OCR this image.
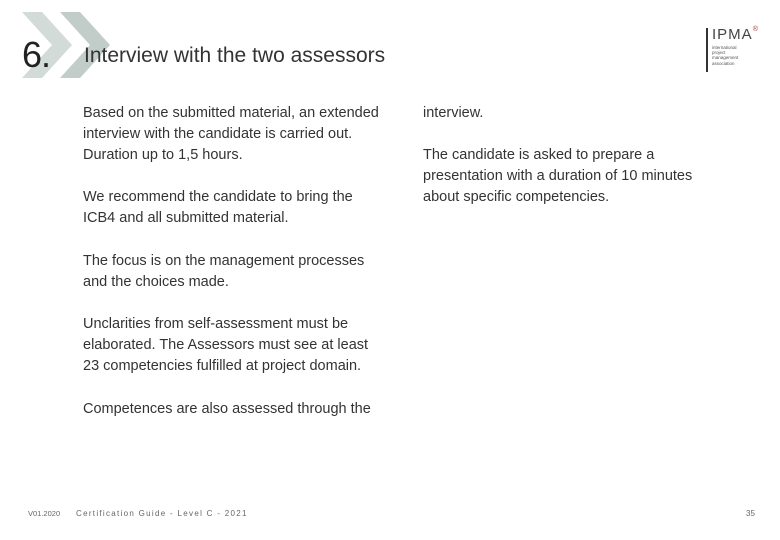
6. Interview with the two assessors
IPMA®
international
project
management
association

Based on the submitted material, an extended
interview with the candidate is carried out.
Duration up to 1,5 hours.

We recommend the candidate to bring the
ICB4 and all submitted material.

The focus is on the management processes
and the choices made.

Unclarities from self-assessment must be
elaborated. The Assessors must see at least
23 competencies fulfilled at project domain.

Competences are also assessed through the

interview.

The candidate is asked to prepare a
presentation with a duration of 10 minutes
about specific competencies.

V01.2020 Certification Guide - Level C - 2021	35
